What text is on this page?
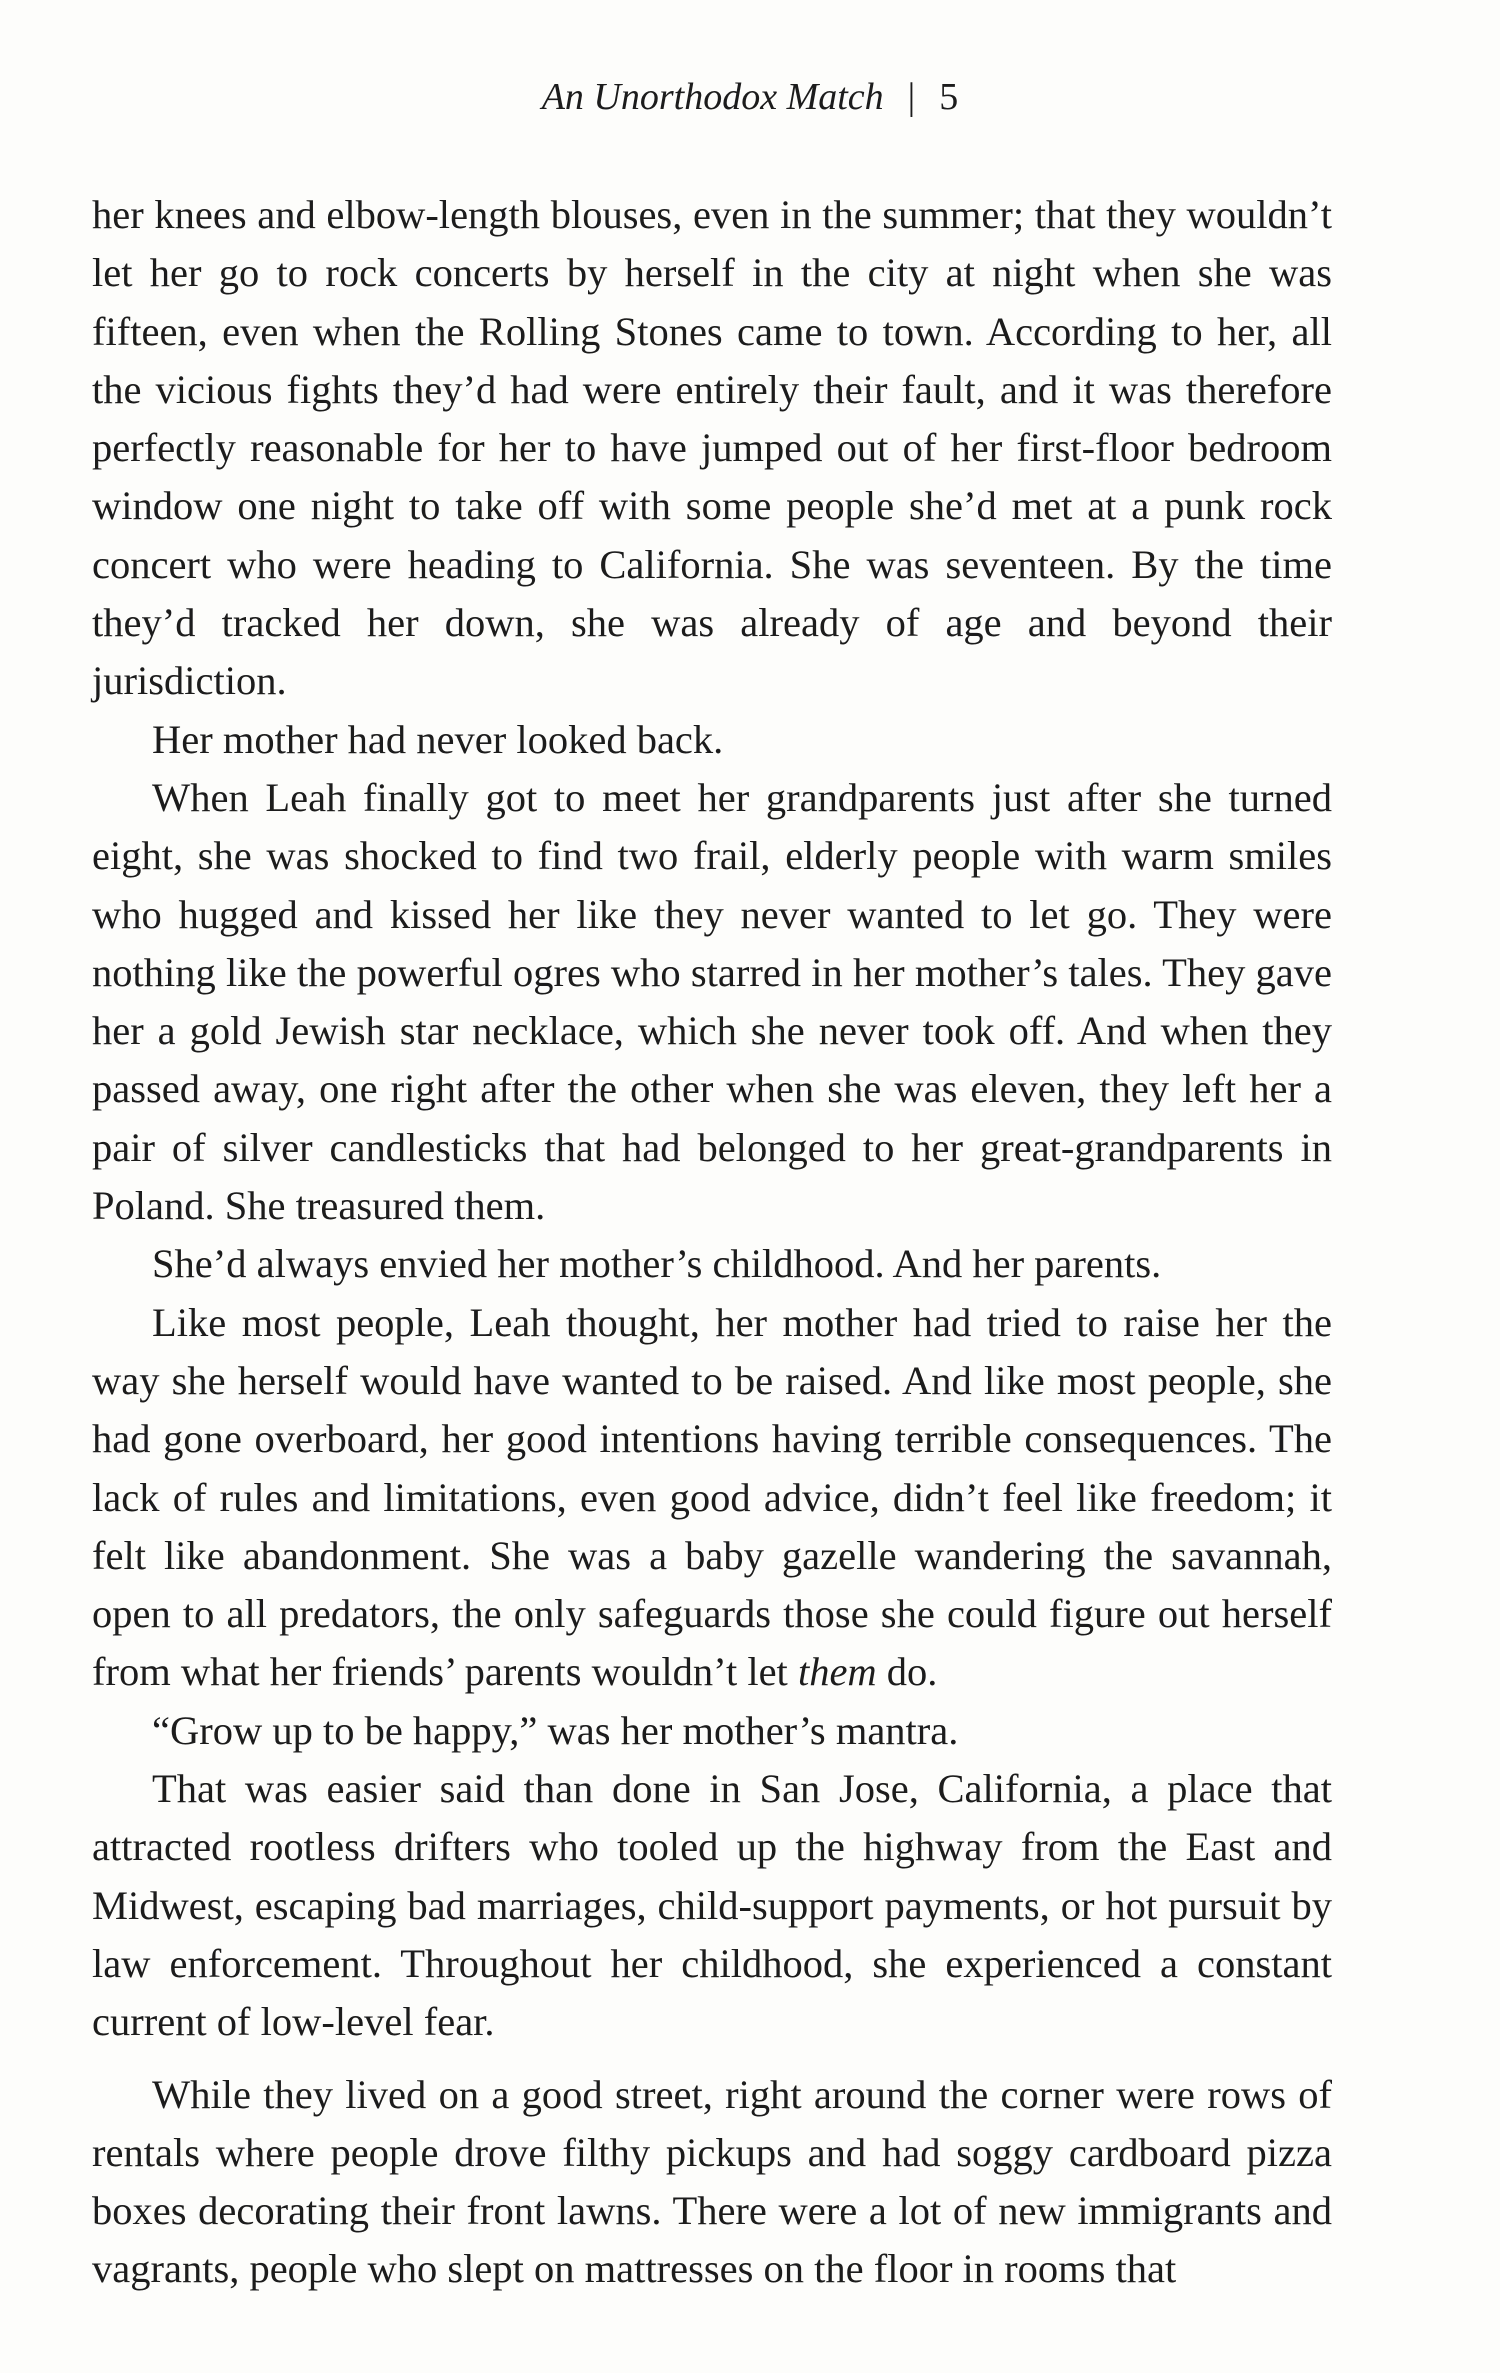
An Unorthodox Match | 5

her knees and elbow-length blouses, even in the summer; that they wouldn’t let her go to rock concerts by herself in the city at night when she was fifteen, even when the Rolling Stones came to town. According to her, all the vicious fights they’d had were entirely their fault, and it was therefore perfectly reasonable for her to have jumped out of her first-floor bedroom window one night to take off with some people she’d met at a punk rock concert who were heading to California. She was seventeen. By the time they’d tracked her down, she was already of age and beyond their jurisdiction.

Her mother had never looked back.

When Leah finally got to meet her grandparents just after she turned eight, she was shocked to find two frail, elderly people with warm smiles who hugged and kissed her like they never wanted to let go. They were nothing like the powerful ogres who starred in her mother’s tales. They gave her a gold Jewish star necklace, which she never took off. And when they passed away, one right after the other when she was eleven, they left her a pair of silver candlesticks that had belonged to her great-grandparents in Poland. She treasured them.

She’d always envied her mother’s childhood. And her parents.

Like most people, Leah thought, her mother had tried to raise her the way she herself would have wanted to be raised. And like most people, she had gone overboard, her good intentions having terrible consequences. The lack of rules and limitations, even good advice, didn’t feel like freedom; it felt like abandonment. She was a baby gazelle wandering the savannah, open to all predators, the only safeguards those she could figure out herself from what her friends’ parents wouldn’t let them do.

“Grow up to be happy,” was her mother’s mantra.

That was easier said than done in San Jose, California, a place that attracted rootless drifters who tooled up the highway from the East and Midwest, escaping bad marriages, child-support payments, or hot pursuit by law enforcement. Throughout her childhood, she experienced a constant current of low-level fear.

While they lived on a good street, right around the corner were rows of rentals where people drove filthy pickups and had soggy cardboard pizza boxes decorating their front lawns. There were a lot of new immigrants and vagrants, people who slept on mattresses on the floor in rooms that
